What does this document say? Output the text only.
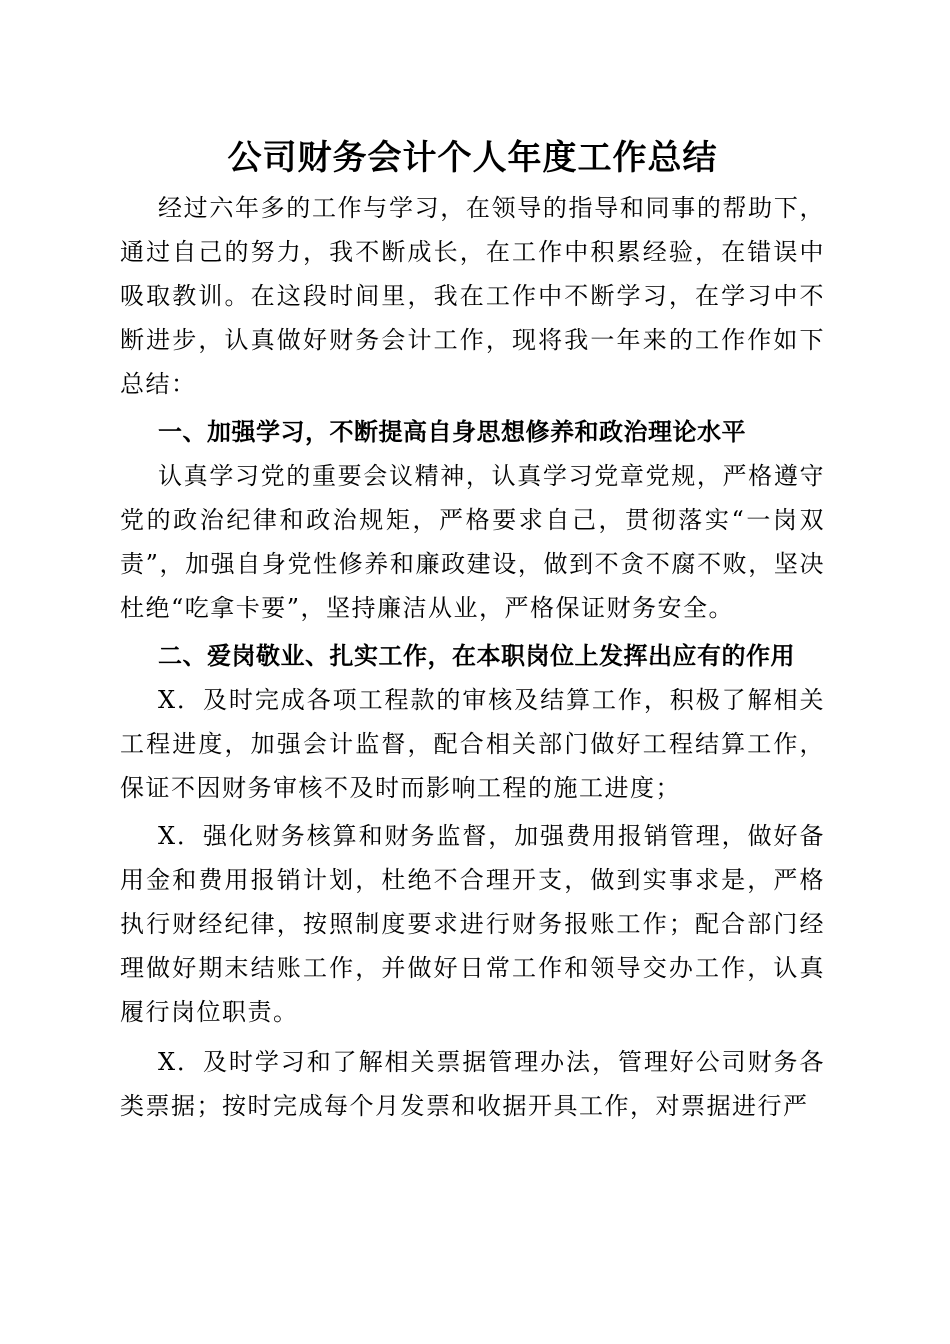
公司财务会计个人年度工作总结

经过六年多的工作与学习，在领导的指导和同事的帮助下，通过自己的努力，我不断成长，在工作中积累经验，在错误中吸取教训。在这段时间里，我在工作中不断学习，在学习中不断进步，认真做好财务会计工作，现将我一年来的工作作如下总结：

一、加强学习，不断提高自身思想修养和政治理论水平

认真学习党的重要会议精神，认真学习党章党规，严格遵守党的政治纪律和政治规矩，严格要求自己，贯彻落实“一岗双责”，加强自身党性修养和廉政建设，做到不贪不腐不败，坚决杜绝“吃拿卡要”，坚持廉洁从业，严格保证财务安全。

二、爱岗敬业、扎实工作，在本职岗位上发挥出应有的作用

X．及时完成各项工程款的审核及结算工作，积极了解相关工程进度，加强会计监督，配合相关部门做好工程结算工作，保证不因财务审核不及时而影响工程的施工进度；

X．强化财务核算和财务监督，加强费用报销管理，做好备用金和费用报销计划，杜绝不合理开支，做到实事求是，严格执行财经纪律，按照制度要求进行财务报账工作；配合部门经理做好期末结账工作，并做好日常工作和领导交办工作，认真履行岗位职责。

X．及时学习和了解相关票据管理办法，管理好公司财务各类票据；按时完成每个月发票和收据开具工作，对票据进行严
